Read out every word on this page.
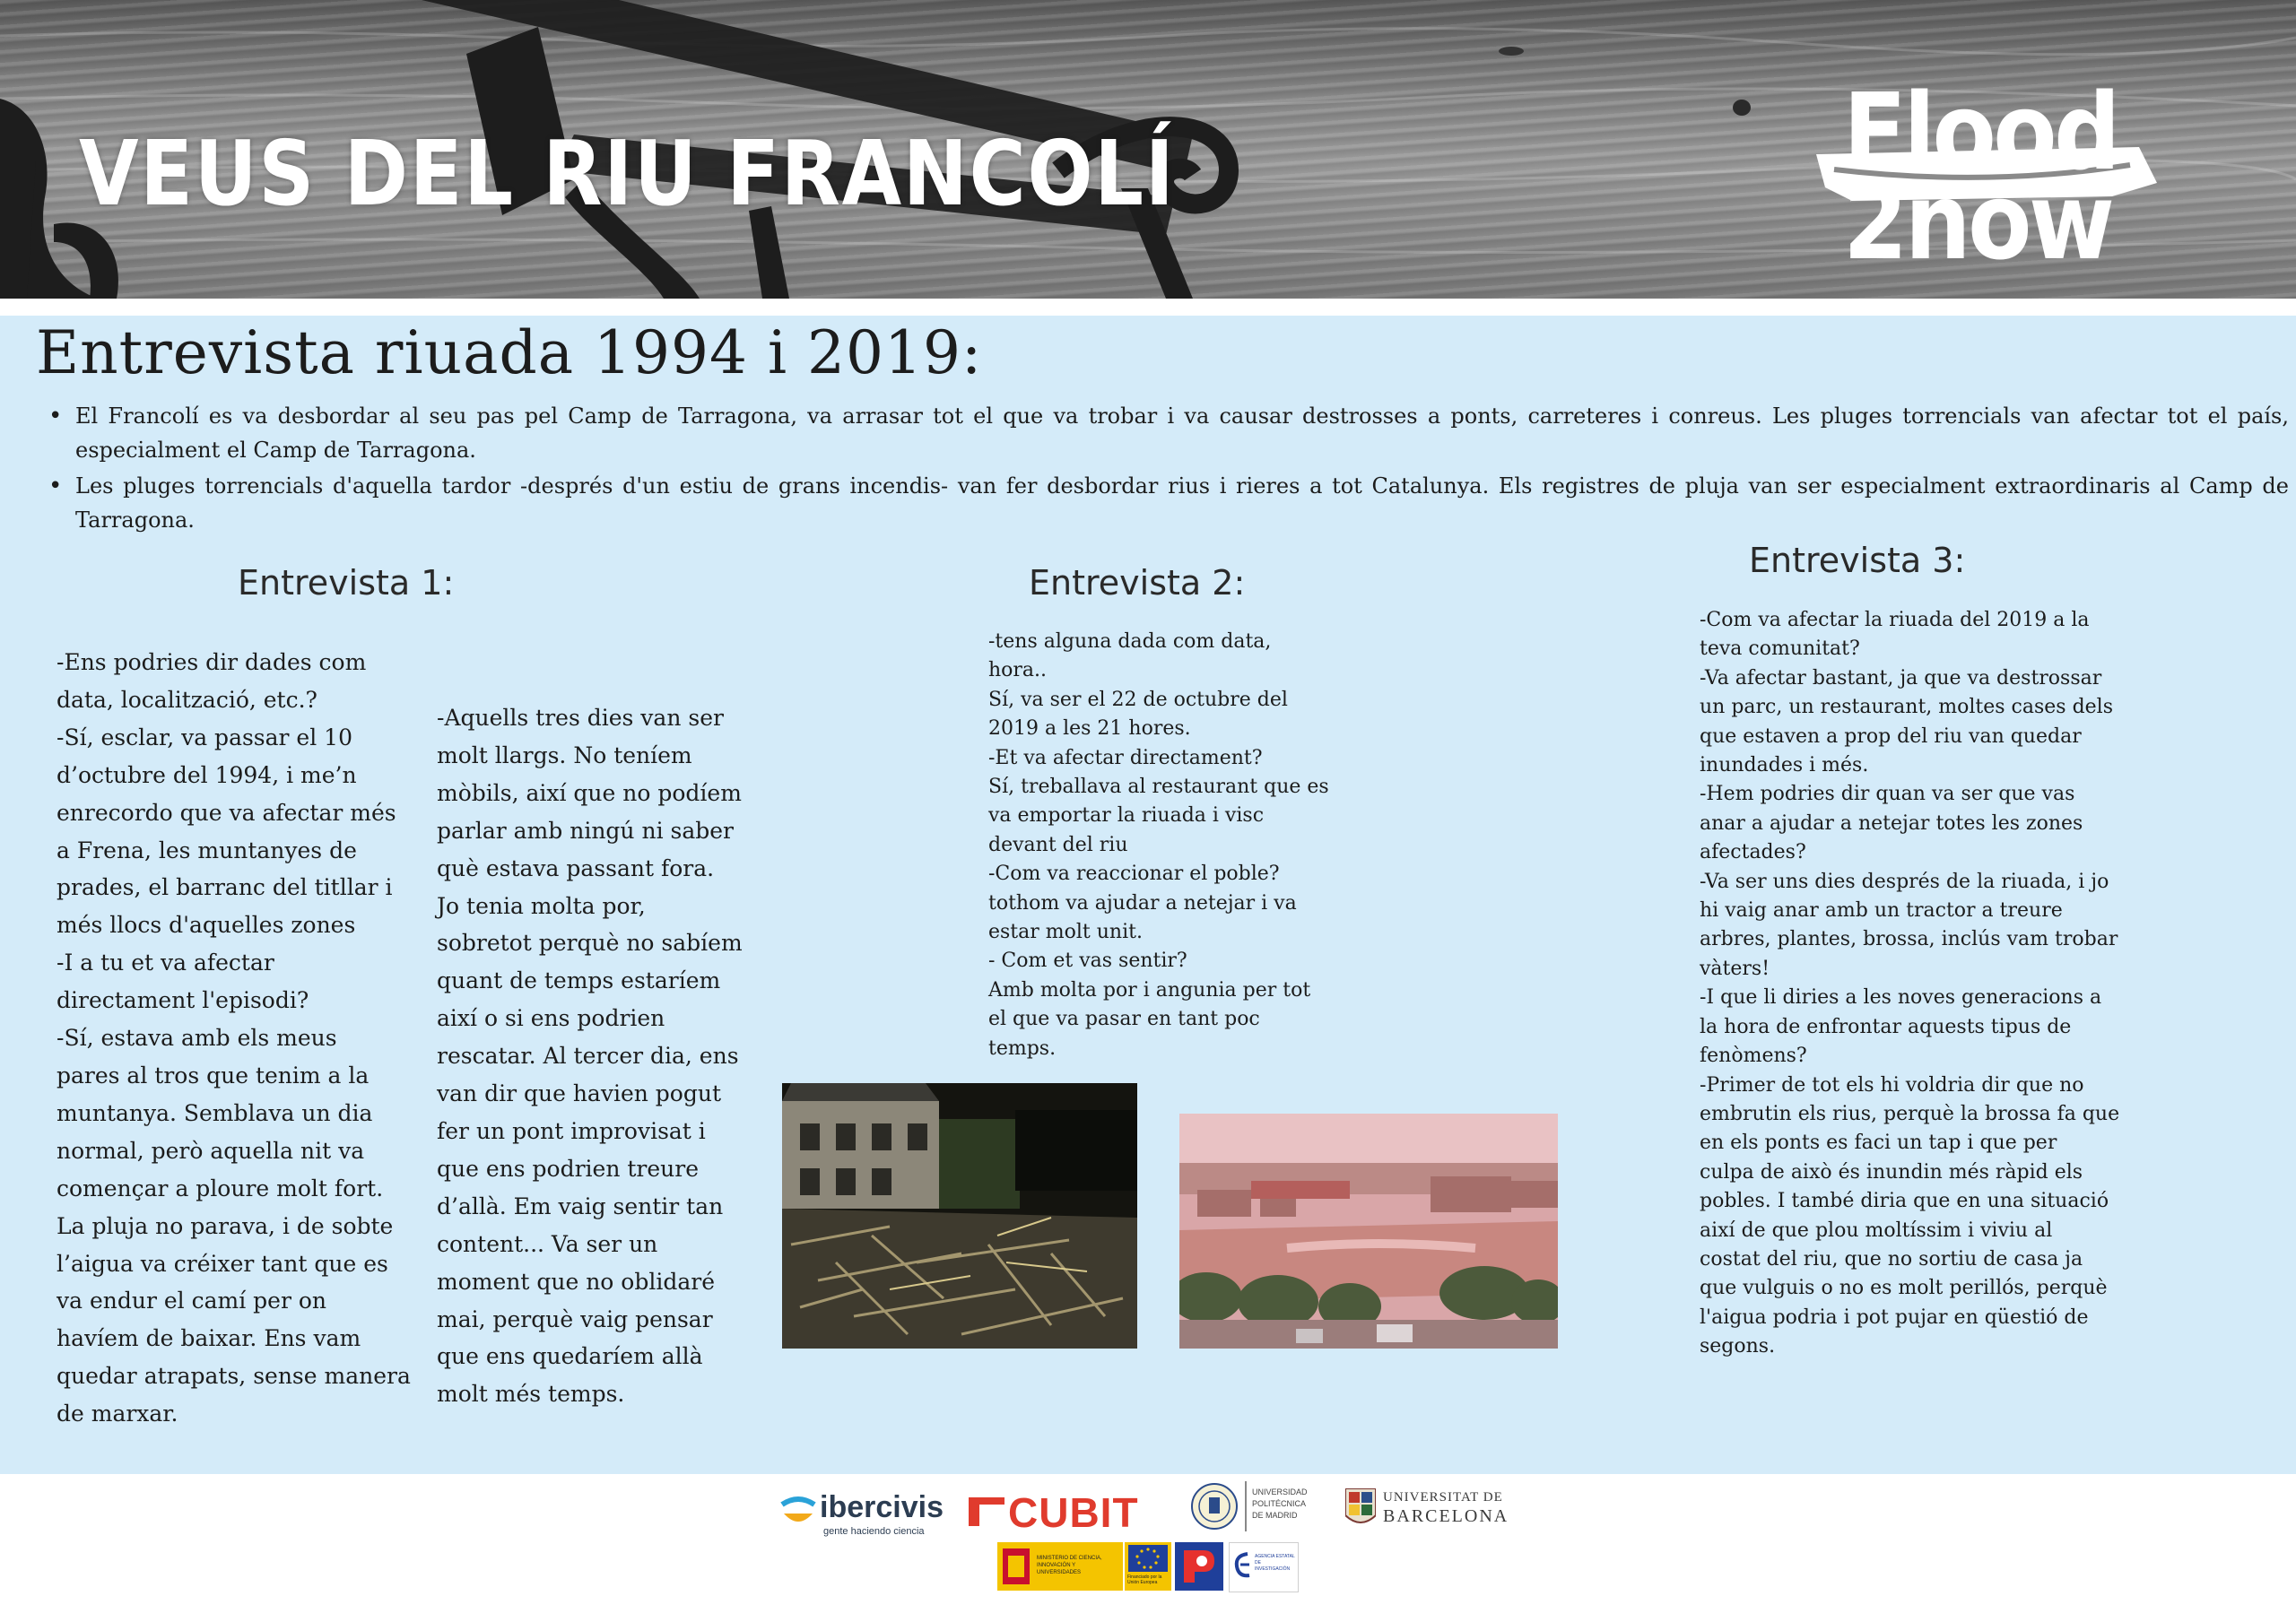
VEUS DEL RIU FRANCOLÍ	Flood
2now
Entrevista riuada 1994 i 2019:
• El Francolí es va desbordar al seu pas pel Camp de Tarragona, va arrasar tot el que va trobar i va causar destrosses a ponts, carreteres i conreus. Les pluges torrencials van afectar tot el país, especialment el Camp de Tarragona.
• Les pluges torrencials d'aquella tardor -després d'un estiu de grans incendis- van fer desbordar rius i rieres a tot Catalunya. Els registres de pluja van ser especialment extraordinaris al Camp de Tarragona.
Entrevista 1:

-Ens podries dir dades com
data, localització, etc.?
-Sí, esclar, va passar el 10
d’octubre del 1994, i me’n
enrecordo que va afectar més
a Frena, les muntanyes de
prades, el barranc del titllar i
més llocs d'aquelles zones
-I a tu et va afectar
directament l'episodi?
-Sí, estava amb els meus
pares al tros que tenim a la
muntanya. Semblava un dia
normal, però aquella nit va
començar a ploure molt fort.
La pluja no parava, i de sobte
l’aigua va créixer tant que es
va endur el camí per on
havíem de baixar. Ens vam
quedar atrapats, sense manera
de marxar.

-Aquells tres dies van ser
molt llargs. No teníem
mòbils, així que no podíem
parlar amb ningú ni saber
què estava passant fora.
Jo tenia molta por,
sobretot perquè no sabíem
quant de temps estaríem
així o si ens podrien
rescatar. Al tercer dia, ens
van dir que havien pogut
fer un pont improvisat i
que ens podrien treure
d’allà. Em vaig sentir tan
content... Va ser un
moment que no oblidaré
mai, perquè vaig pensar
que ens quedaríem allà
molt més temps.

Entrevista 2:

-tens alguna dada com data,
hora..
Sí, va ser el 22 de octubre del
2019 a les 21 hores.
-Et va afectar directament?
Sí, treballava al restaurant que es
va emportar la riuada i visc
devant del riu
-Com va reaccionar el poble?
tothom va ajudar a netejar i va
estar molt unit.
- Com et vas sentir?
Amb molta por i angunia per tot
el que va pasar en tant poc
temps.

Entrevista 3:

-Com va afectar la riuada del 2019 a la
teva comunitat?
-Va afectar bastant, ja que va destrossar
un parc, un restaurant, moltes cases dels
que estaven a prop del riu van quedar
inundades i més.
-Hem podries dir quan va ser que vas
anar a ajudar a netejar totes les zones
afectades?
-Va ser uns dies després de la riuada, i jo
hi vaig anar amb un tractor a treure
arbres, plantes, brossa, inclús vam trobar
vàters!
-I que li diries a les noves generacions a
la hora de enfrontar aquests tipus de
fenòmens?
-Primer de tot els hi voldria dir que no
embrutin els rius, perquè la brossa fa que
en els ponts es faci un tap i que per
culpa de això és inundin més ràpid els
pobles. I també diria que en una situació
així de que plou moltíssim i viviu al
costat del riu, que no sortiu de casa ja
que vulguis o no es molt perillós, perquè
l'aigua podria i pot pujar en qüestió de
segons.

ibercivis
gente haciendo ciencia CUBIT	UNIVERSIDAD
POLITÉCNICA
DE MADRID
UNIVERSITAT DE
BARCELONA
MINISTERIO DE CIENCIA, INNOVACIÓN Y UNIVERSIDADES
Financiado por la Unión Europea
AGENCIA ESTATAL DE INVESTIGACIÓN
